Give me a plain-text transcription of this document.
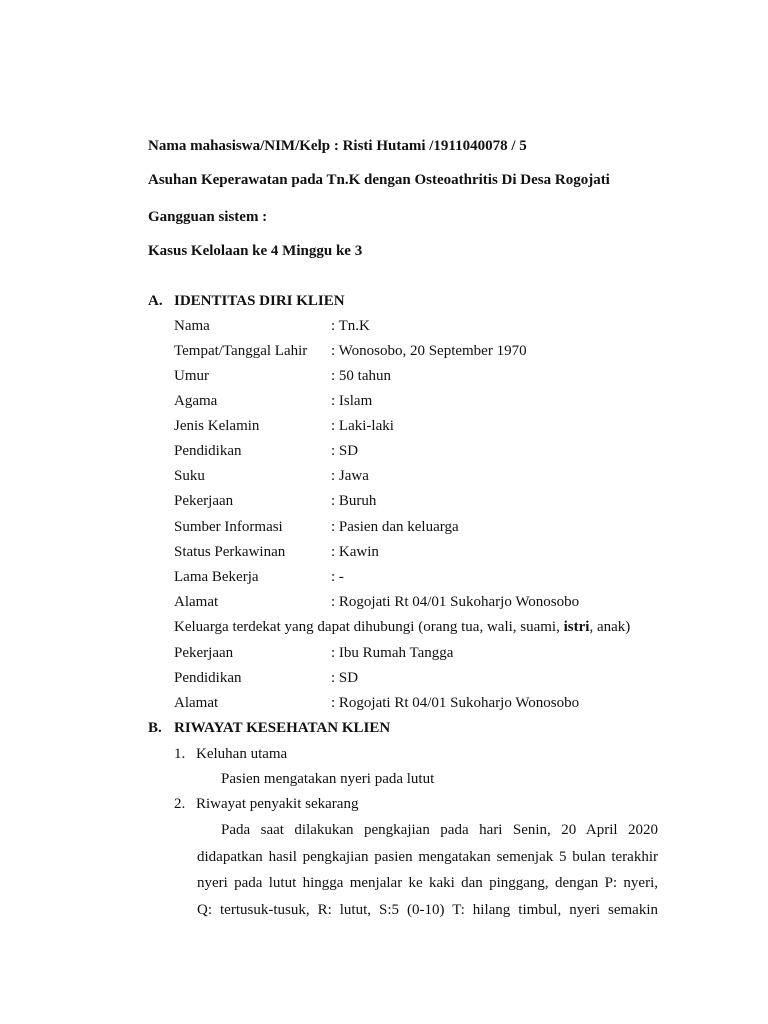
Nama mahasiswa/NIM/Kelp : Risti Hutami /1911040078 / 5
Asuhan Keperawatan pada Tn.K dengan Osteoathritis Di Desa Rogojati
Gangguan sistem :
Kasus Kelolaan ke 4 Minggu ke 3
A. IDENTITAS DIRI KLIEN
Nama	: Tn.K
Tempat/Tanggal Lahir : Wonosobo, 20 September 1970
Umur	: 50 tahun
Agama	: Islam
Jenis Kelamin	: Laki-laki
Pendidikan	: SD
Suku	: Jawa
Pekerjaan	: Buruh
Sumber Informasi	: Pasien dan keluarga
Status Perkawinan	: Kawin
Lama Bekerja	: -
Alamat	: Rogojati Rt 04/01 Sukoharjo Wonosobo
Keluarga terdekat yang dapat dihubungi (orang tua, wali, suami, istri, anak)
Pekerjaan	: Ibu Rumah Tangga
Pendidikan	: SD
Alamat	: Rogojati Rt 04/01 Sukoharjo Wonosobo
B. RIWAYAT KESEHATAN KLIEN
1. Keluhan utama
Pasien mengatakan nyeri pada lutut
2. Riwayat penyakit sekarang
Pada saat dilakukan pengkajian pada hari Senin, 20 April 2020
didapatkan hasil pengkajian pasien mengatakan semenjak 5 bulan terakhir
nyeri pada lutut hingga menjalar ke kaki dan pinggang, dengan P: nyeri,
Q: tertusuk-tusuk, R: lutut, S:5 (0-10) T: hilang timbul, nyeri semakin
